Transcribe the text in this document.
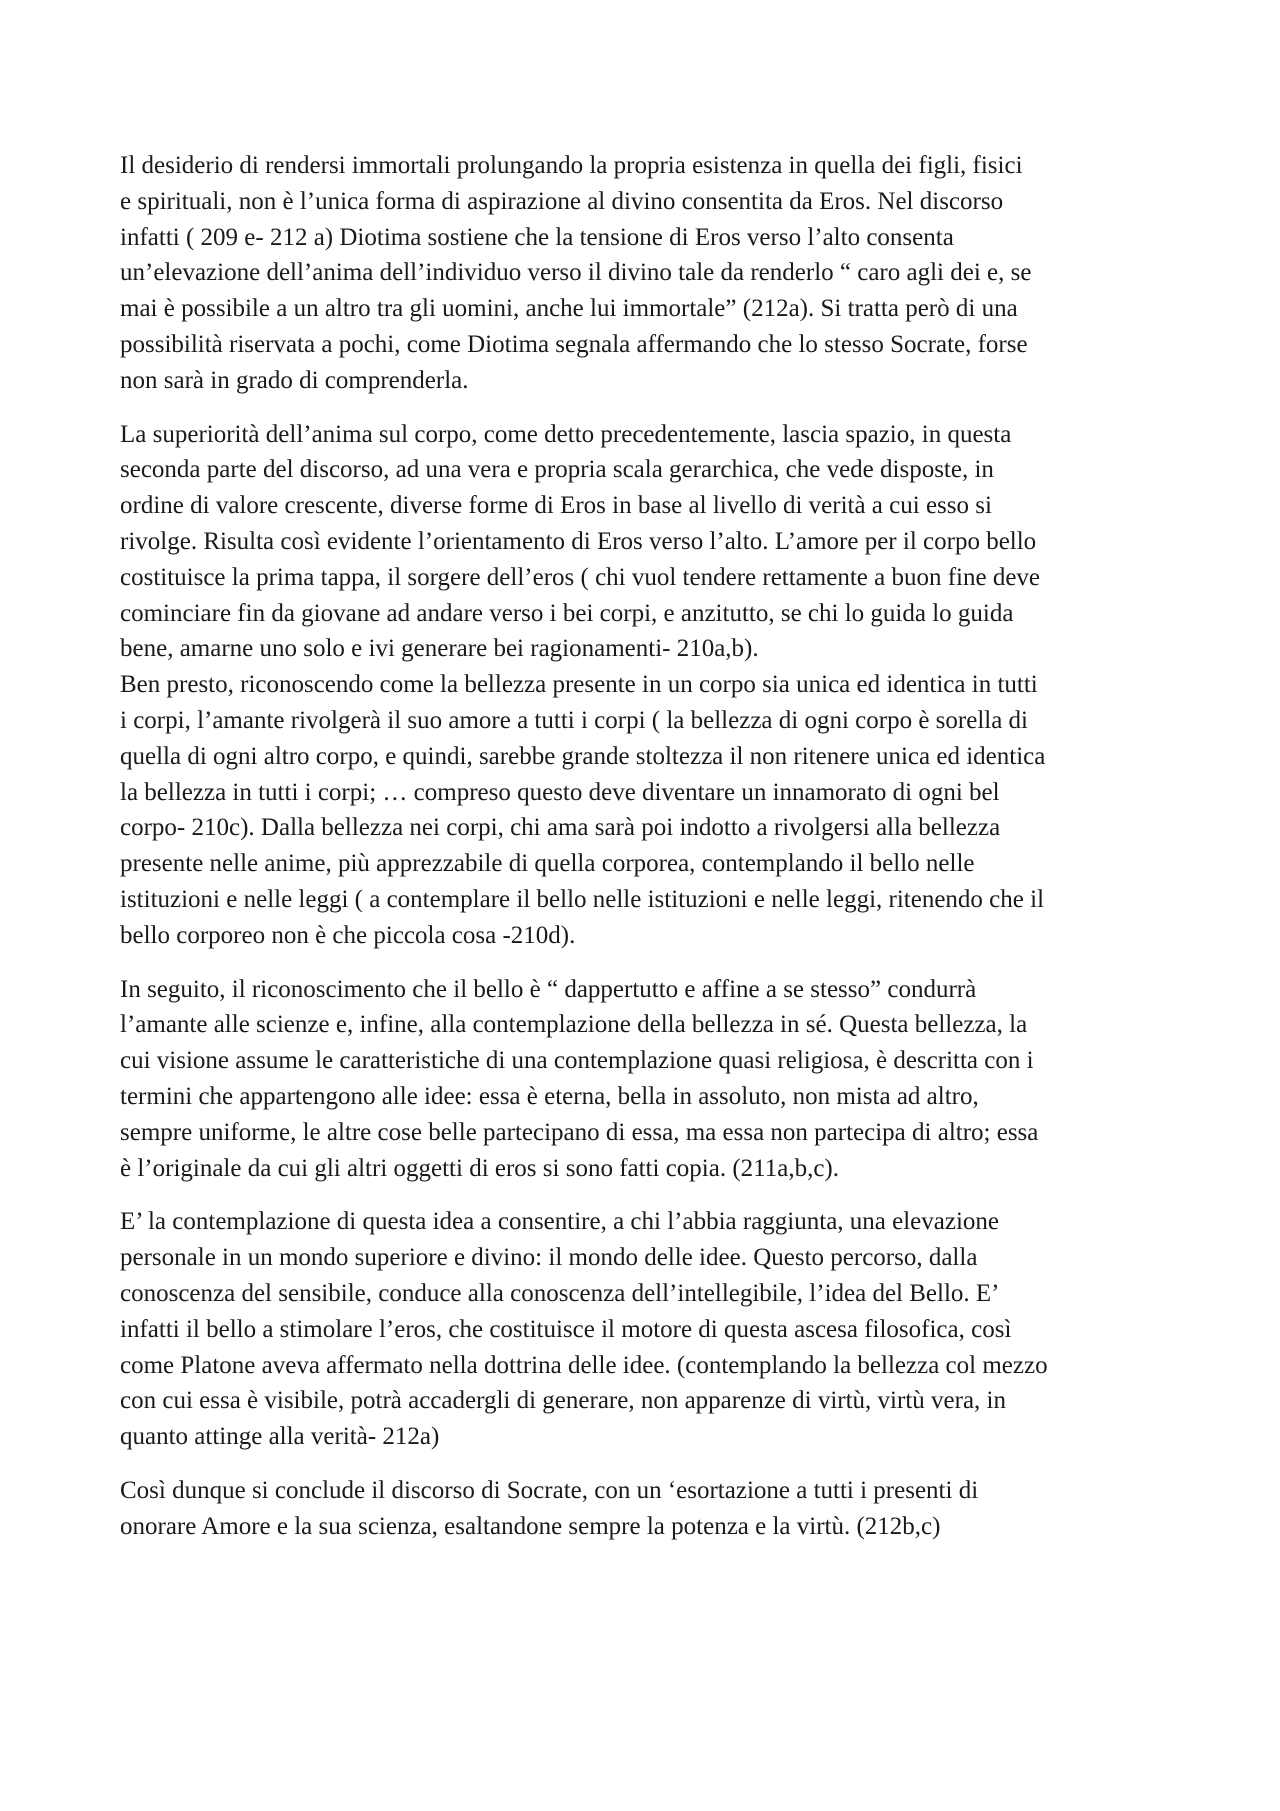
Il desiderio di rendersi immortali prolungando la propria esistenza in quella dei figli, fisici
e spirituali, non è l’unica forma di aspirazione al divino consentita da Eros. Nel discorso
infatti ( 209 e- 212 a) Diotima sostiene che la tensione di Eros verso l’alto consenta
un’elevazione dell’anima dell’individuo verso il divino tale da renderlo “ caro agli dei e, se
mai è possibile a un altro tra gli uomini, anche lui immortale” (212a). Si tratta però di una
possibilità riservata a pochi, come Diotima segnala affermando che lo stesso Socrate, forse
non sarà in grado di comprenderla.

La superiorità dell’anima sul corpo, come detto precedentemente, lascia spazio, in questa
seconda parte del discorso, ad una vera e propria scala gerarchica, che vede disposte, in
ordine di valore crescente, diverse forme di Eros in base al livello di verità a cui esso si
rivolge. Risulta così evidente l’orientamento di Eros verso l’alto. L’amore per il corpo bello
costituisce la prima tappa, il sorgere dell’eros ( chi vuol tendere rettamente a buon fine deve
cominciare fin da giovane ad andare verso i bei corpi, e anzitutto, se chi lo guida lo guida
bene, amarne uno solo e ivi generare bei ragionamenti- 210a,b).

Ben presto, riconoscendo come la bellezza presente in un corpo sia unica ed identica in tutti
i corpi, l’amante rivolgerà il suo amore a tutti i corpi ( la bellezza di ogni corpo è sorella di
quella di ogni altro corpo, e quindi, sarebbe grande stoltezza il non ritenere unica ed identica
la bellezza in tutti i corpi; … compreso questo deve diventare un innamorato di ogni bel
corpo- 210c). Dalla bellezza nei corpi, chi ama sarà poi indotto a rivolgersi alla bellezza
presente nelle anime, più apprezzabile di quella corporea, contemplando il bello nelle
istituzioni e nelle leggi ( a contemplare il bello nelle istituzioni e nelle leggi, ritenendo che il
bello corporeo non è che piccola cosa -210d).

In seguito, il riconoscimento che il bello è “ dappertutto e affine a se stesso” condurrà
l’amante alle scienze e, infine, alla contemplazione della bellezza in sé. Questa bellezza, la
cui visione assume le caratteristiche di una contemplazione quasi religiosa, è descritta con i
termini che appartengono alle idee: essa è eterna, bella in assoluto, non mista ad altro,
sempre uniforme, le altre cose belle partecipano di essa, ma essa non partecipa di altro; essa
è l’originale da cui gli altri oggetti di eros si sono fatti copia. (211a,b,c).

E’ la contemplazione di questa idea a consentire, a chi l’abbia raggiunta, una elevazione
personale in un mondo superiore e divino: il mondo delle idee. Questo percorso, dalla
conoscenza del sensibile, conduce alla conoscenza dell’intellegibile, l’idea del Bello. E’
infatti il bello a stimolare l’eros, che costituisce il motore di questa ascesa filosofica, così
come Platone aveva affermato nella dottrina delle idee. (contemplando la bellezza col mezzo
con cui essa è visibile, potrà accadergli di generare, non apparenze di virtù, virtù vera, in
quanto attinge alla verità- 212a)

Così dunque si conclude il discorso di Socrate, con un ‘esortazione a tutti i presenti di
onorare Amore e la sua scienza, esaltandone sempre la potenza e la virtù. (212b,c)
